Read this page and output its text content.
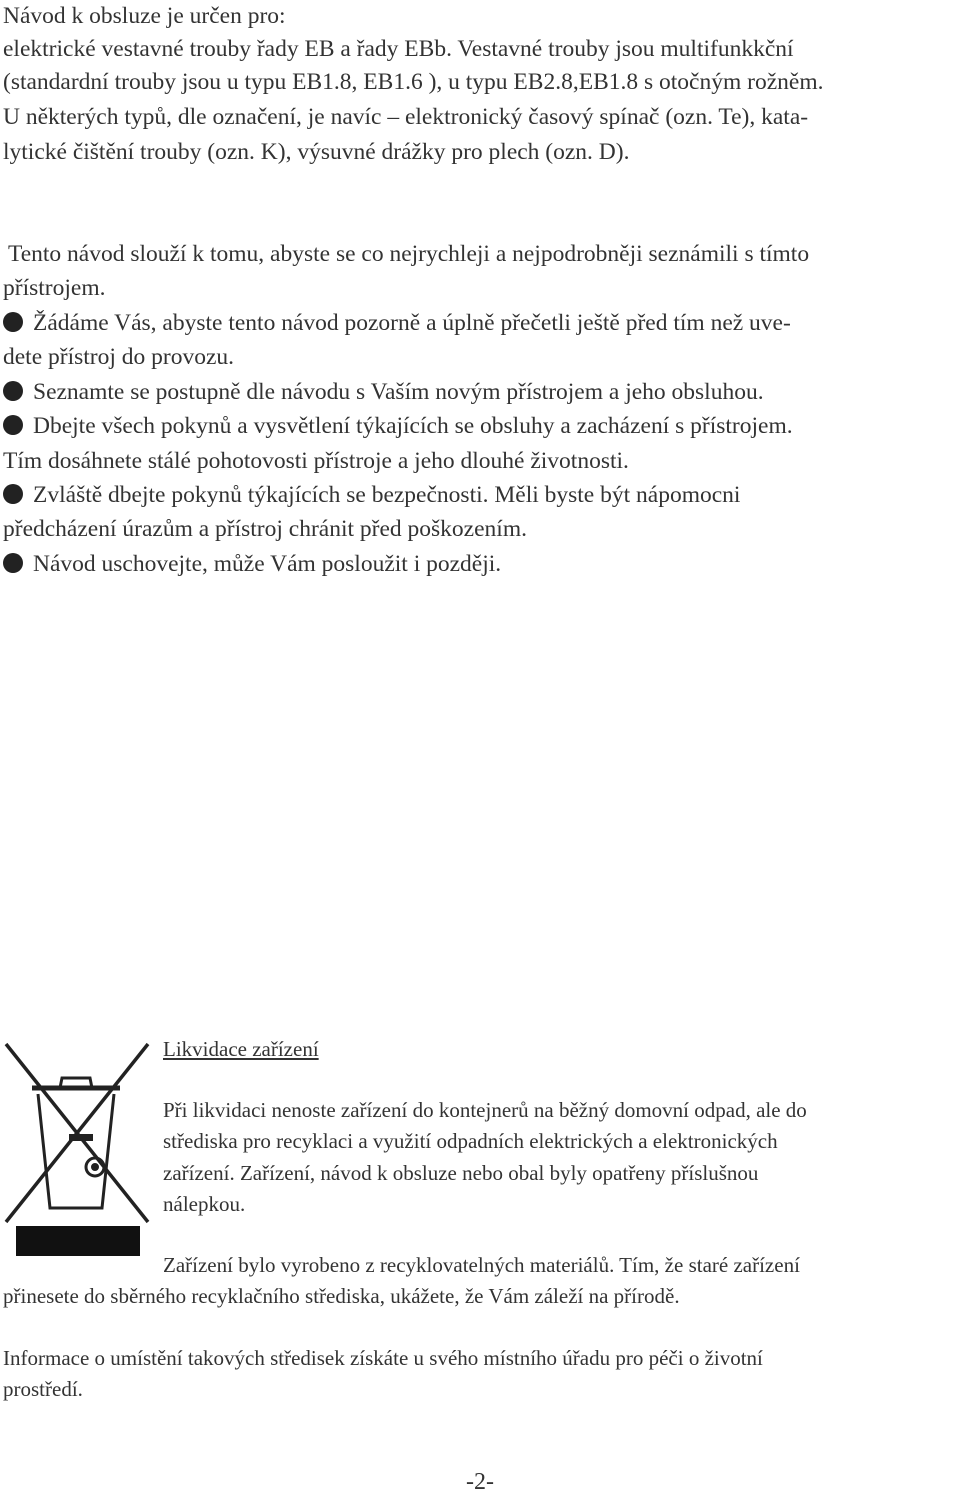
Návod k obsluze je určen pro:
elektrické vestavné trouby řady EB a řady EBb. Vestavné trouby jsou multifunkkční
(standardní trouby jsou u typu EB1.8, EB1.6 ), u typu EB2.8,EB1.8 s otočným rožněm.
U některých typů, dle označení, je navíc – elektronický časový spínač (ozn. Te), kata-
lytické čištění trouby (ozn. K), výsuvné drážky pro plech (ozn. D).
Tento návod slouží k tomu, abyste se co nejrychleji a nejpodrobněji seznámili s tímto
přístrojem.
Žádáme Vás, abyste tento návod pozorně a úplně přečetli ještě před tím než uve-
dete přístroj do provozu.
Seznamte se postupně dle návodu s Vaším novým přístrojem a jeho obsluhou.
Dbejte všech pokynů a vysvětlení týkajících se obsluhy a zacházení s přístrojem.
Tím dosáhnete stálé pohotovosti přístroje a jeho dlouhé životnosti.
Zvláště dbejte pokynů týkajících se bezpečnosti. Měli byste být nápomocni
předcházení úrazům a přístroj chránit před poškozením.
Návod uschovejte, může Vám posloužit i později.
Likvidace zařízení
Při likvidaci nenoste zařízení do kontejnerů na běžný domovní odpad, ale do
střediska pro recyklaci a využití odpadních elektrických a elektronických
zařízení. Zařízení, návod k obsluze nebo obal byly opatřeny příslušnou
nálepkou.
Zařízení bylo vyrobeno z recyklovatelných materiálů. Tím, že staré zařízení
přinesete do sběrného recyklačního střediska, ukážete, že Vám záleží na přírodě.
Informace o umístění takových středisek získáte u svého místního úřadu pro péči o životní
prostředí.
-2-
